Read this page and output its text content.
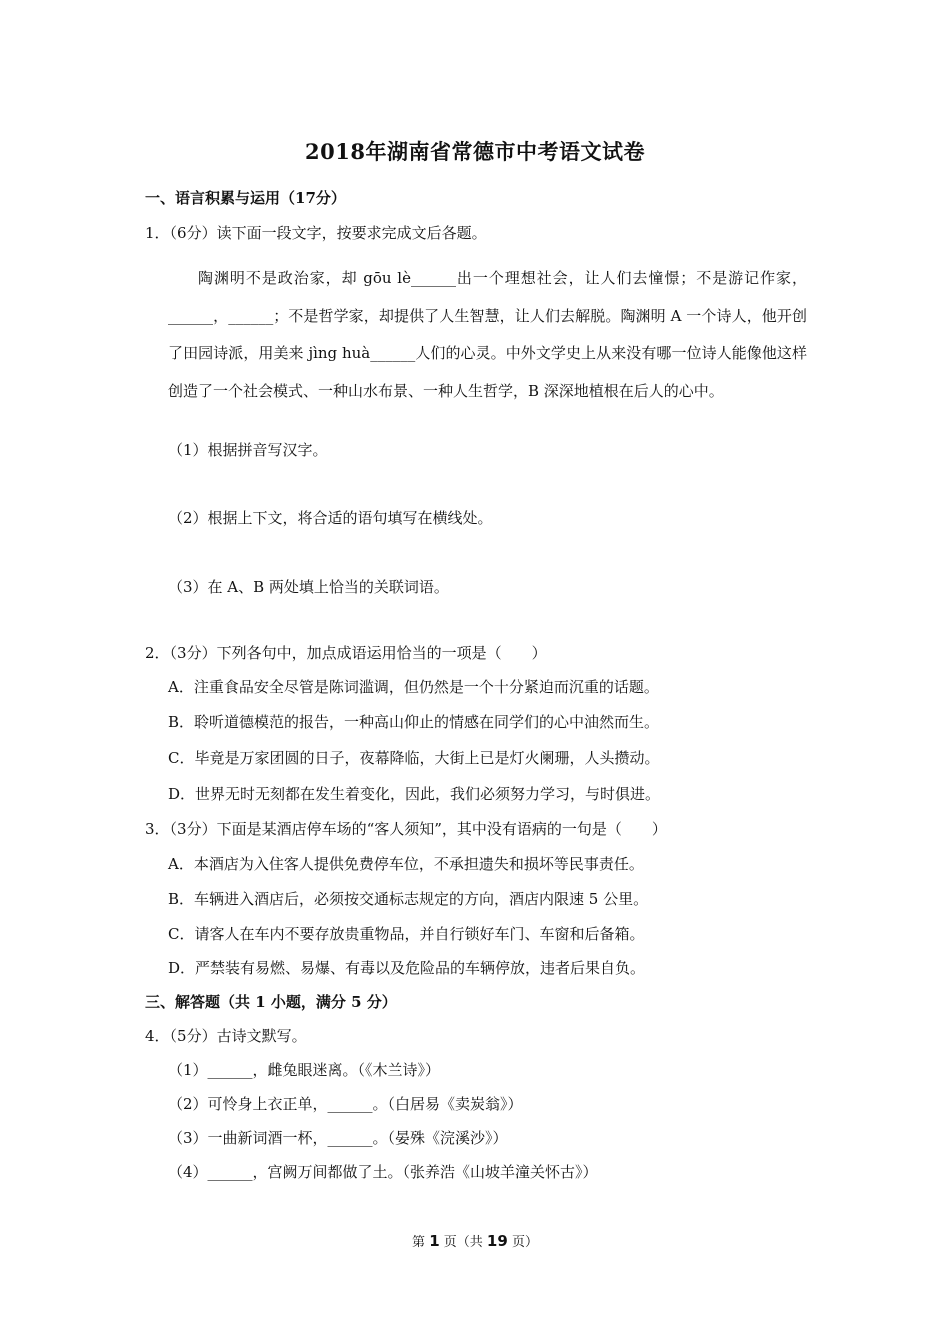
2018年湖南省常德市中考语文试卷
一、语言积累与运用（17分）
1．（6分）读下面一段文字，按要求完成文后各题。

陶渊明不是政治家，却 gōu lè______出一个理想社会，让人们去憧憬；不是游记作家，______，______；不是哲学家，却提供了人生智慧，让人们去解脱。陶渊明 A 一个诗人，他开创了田园诗派，用美来 jìng huà______人们的心灵。中外文学史上从来没有哪一位诗人能像他这样创造了一个社会模式、一种山水布景、一种人生哲学，B 深深地植根在后人的心中。

（1）根据拼音写汉字。
（2）根据上下文，将合适的语句填写在横线处。
（3）在 A、B 两处填上恰当的关联词语。
2．（3分）下列各句中，加点成语运用恰当的一项是（　　）
A．注重食品安全尽管是陈词滥调，但仍然是一个十分紧迫而沉重的话题。
B．聆听道德模范的报告，一种高山仰止的情感在同学们的心中油然而生。
C．毕竟是万家团圆的日子，夜幕降临，大街上已是灯火阑珊，人头攒动。
D．世界无时无刻都在发生着变化，因此，我们必须努力学习，与时俱进。
3．（3分）下面是某酒店停车场的“客人须知”，其中没有语病的一句是（　　）
A．本酒店为入住客人提供免费停车位，不承担遗失和损坏等民事责任。
B．车辆进入酒店后，必须按交通标志规定的方向，酒店内限速 5 公里。
C．请客人在车内不要存放贵重物品，并自行锁好车门、车窗和后备箱。
D．严禁装有易燃、易爆、有毒以及危险品的车辆停放，违者后果自负。
三、解答题（共 1 小题，满分 5 分）
4．（5分）古诗文默写。
（1）______，雌兔眼迷离。（《木兰诗》）
（2）可怜身上衣正单，______。（白居易《卖炭翁》）
（3）一曲新词酒一杯，______。（晏殊《浣溪沙》）
（4）______，宫阙万间都做了土。（张养浩《山坡羊潼关怀古》）
第 1 页（共 19 页）
